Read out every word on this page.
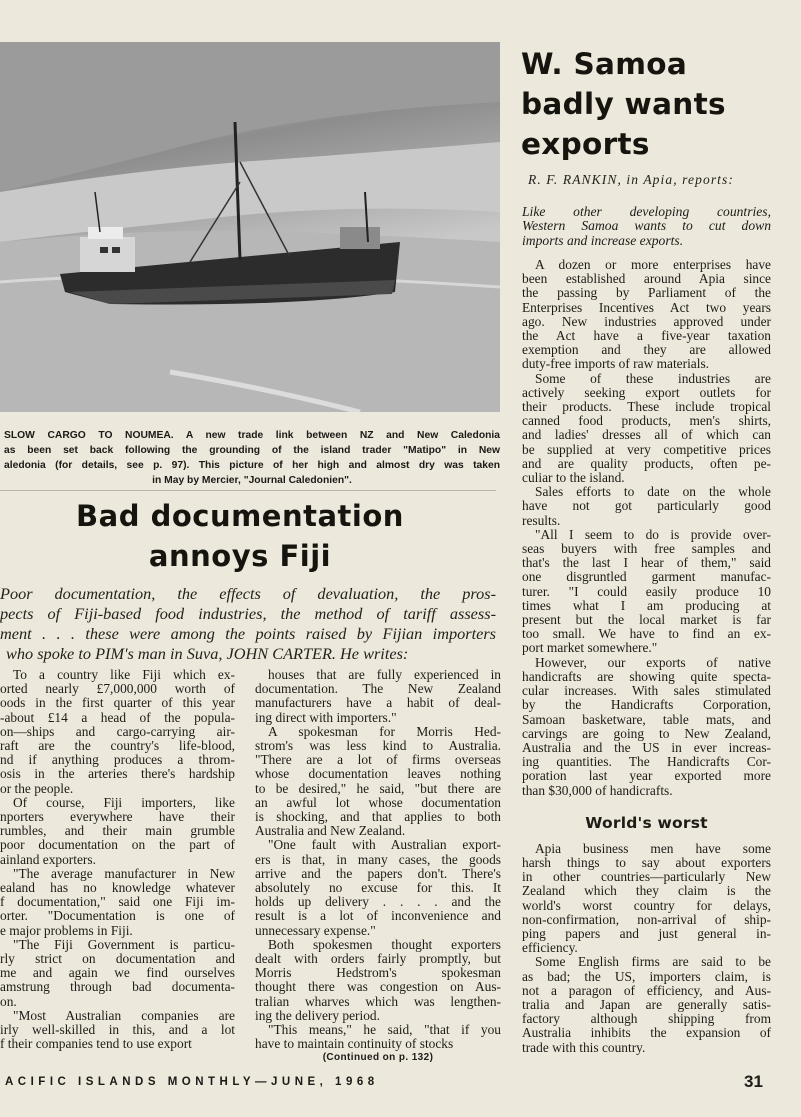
SLOW CARGO TO NOUMEA. A new trade link between NZ and New Caledonia
as been set back following the grounding of the island trader "Matipo" in New
aledonia (for details, see p. 97). This picture of her high and almost dry was taken
in May by Mercier, "Journal Caledonien".
Bad documentation
annoys Fiji
Poor documentation, the effects of devaluation, the pros-
pects of Fiji-based food industries, the method of tariff assess-
ment . . . these were among the points raised by Fijian importers
who spoke to PIM's man in Suva, JOHN CARTER. He writes:

To a country like Fiji which ex-
orted nearly £7,000,000 worth of
oods in the first quarter of this year
-about £14 a head of the popula-
on—ships and cargo-carrying air-
raft are the country's life-blood,
nd if anything produces a throm-
osis in the arteries there's hardship
or the people.

Of course, Fiji importers, like
nporters everywhere have their
rumbles, and their main grumble
poor documentation on the part of
ainland exporters.

"The average manufacturer in New
ealand has no knowledge whatever
f documentation," said one Fiji im-
orter. "Documentation is one of
e major problems in Fiji.

"The Fiji Government is particu-
rly strict on documentation and
me and again we find ourselves
amstrung through bad documenta-
on.

"Most Australian companies are
irly well-skilled in this, and a lot
f their companies tend to use export

houses that are fully experienced in
documentation. The New Zealand
manufacturers have a habit of deal-
ing direct with importers."

A spokesman for Morris Hed-
strom's was less kind to Australia.
"There are a lot of firms overseas
whose documentation leaves nothing
to be desired," he said, "but there are
an awful lot whose documentation
is shocking, and that applies to both
Australia and New Zealand.

"One fault with Australian export-
ers is that, in many cases, the goods
arrive and the papers don't. There's
absolutely no excuse for this. It
holds up delivery . . . . and the
result is a lot of inconvenience and
unnecessary expense."

Both spokesmen thought exporters
dealt with orders fairly promptly, but
Morris Hedstrom's spokesman
thought there was congestion on Aus-
tralian wharves which was lengthen-
ing the delivery period.

"This means," he said, "that if you
have to maintain continuity of stocks

(Continued on p. 132)
W. Samoa
badly wants
exports
R. F. RANKIN, in Apia, reports:
Like other developing countries,
Western Samoa wants to cut down
imports and increase exports.

A dozen or more enterprises have
been established around Apia since
the passing by Parliament of the
Enterprises Incentives Act two years
ago. New industries approved under
the Act have a five-year taxation
exemption and they are allowed
duty-free imports of raw materials.

Some of these industries are
actively seeking export outlets for
their products. These include tropical
canned food products, men's shirts,
and ladies' dresses all of which can
be supplied at very competitive prices
and are quality products, often pe-
culiar to the island.

Sales efforts to date on the whole
have not got particularly good
results.

"All I seem to do is provide over-
seas buyers with free samples and
that's the last I hear of them," said
one disgruntled garment manufac-
turer. "I could easily produce 10
times what I am producing at
present but the local market is far
too small. We have to find an ex-
port market somewhere."

However, our exports of native
handicrafts are showing quite specta-
cular increases. With sales stimulated
by the Handicrafts Corporation,
Samoan basketware, table mats, and
carvings are going to New Zealand,
Australia and the US in ever increas-
ing quantities. The Handicrafts Cor-
poration last year exported more
than $30,000 of handicrafts.

World's worst

Apia business men have some
harsh things to say about exporters
in other countries—particularly New
Zealand which they claim is the
world's worst country for delays,
non-confirmation, non-arrival of ship-
ping papers and just general in-
efficiency.

Some English firms are said to be
as bad; the US, importers claim, is
not a paragon of efficiency, and Aus-
tralia and Japan are generally satis-
factory although shipping from
Australia inhibits the expansion of
trade with this country.

ACIFIC ISLANDS MONTHLY—JUNE, 1968	31
